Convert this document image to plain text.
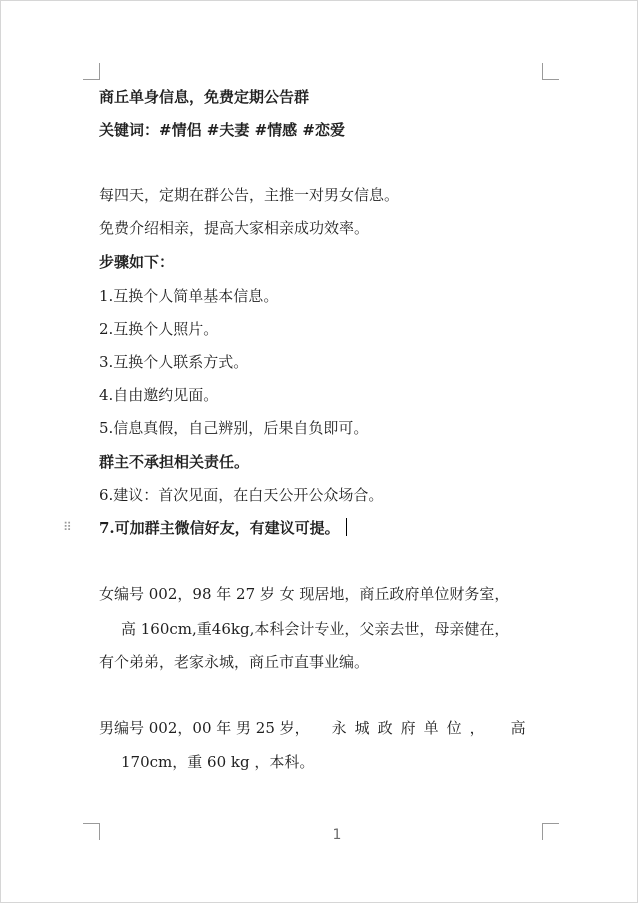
商丘单身信息，免费定期公告群
关键词：#情侣 #夫妻 #情感 #恋爱
每四天，定期在群公告，主推一对男女信息。
免费介绍相亲，提高大家相亲成功效率。
步骤如下：
1.互换个人简单基本信息。
2.互换个人照片。
3.互换个人联系方式。
4.自由邀约见面。
5.信息真假，自己辨别，后果自负即可。
群主不承担相关责任。
6.建议：首次见面，在白天公开公众场合。
⠿ 7.可加群主微信好友，有建议可提。
女编号 002，98 年 27 岁 女 现居地，商丘政府单位财务室，
高 160cm,重46kg,本科会计专业，父亲去世，母亲健在，
有个弟弟，老家永城，商丘市直事业编。
男编号 002，00 年 男 25 岁， 永城政府单位， 高
170cm，重 60 kg ，本科。
1
